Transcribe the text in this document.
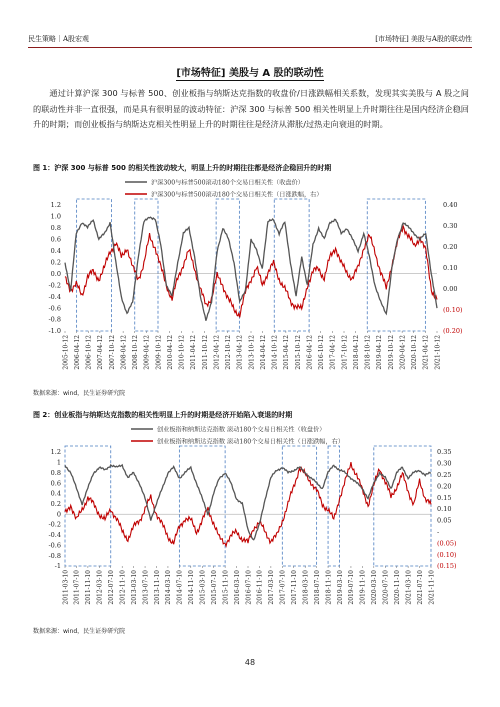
民生策略｜A股宏观	[市场特征] 美股与A股的联动性
[市场特征] 美股与 A 股的联动性
通过计算沪深 300 与标普 500、创业板指与纳斯达克指数的收盘价/日涨跌幅相关系数，发现其实美股与 A 股之间的联动性并非一直很强，而是具有很明显的波动特征：沪深 300 与标普 500 相关性明显上升时期往往是国内经济企稳回升的时期；而创业板指与纳斯达克相关性明显上升的时期往往是经济从滞胀/过热走向衰退的时期。
图 1：沪深 300 与标普 500 的相关性波动较大，明显上升的时期往往都是经济企稳回升的时期
沪深300与标普500滚动180个交易日相关性（收盘价）
沪深300与标普500滚动180个交易日相关性（日涨跌幅，右）
1.2
1.0
0.8
0.6
0.4
0.2
0.0
-0.2
-0.4
-0.6
-0.8
-1.0
0.40
0.30
0.20
0.10
0.00
(0.10)
(0.20)
2005-10-12 2006-04-12 2006-10-12 2007-04-12 2007-10-12 2008-04-12 2008-10-12 2009-04-12 2009-10-12 2010-04-12 2010-10-12 2011-04-12 2011-10-12 2012-04-12 2012-10-12 2013-04-12 2013-10-12 2014-04-12 2014-10-12 2015-04-12 2015-10-12 2016-04-12 2016-10-12 2017-04-12 2017-10-12 2018-04-12 2018-10-12 2019-04-12 2019-10-12 2020-04-12 2020-10-12 2021-04-12 2021-10-12
数据来源：wind，民生证券研究院
图 2：创业板指与纳斯达克指数的相关性明显上升的时期是经济开始陷入衰退的时期
创业板指和纳斯达克指数 滚动180个交易日相关性（收盘价）
创业板指和纳斯达克指数 滚动180个交易日相关性（日涨跌幅，右）
1.2
1
0.8
0.6
0.4
0.2
0
-0.2
-0.4
-0.6
-0.8
-1
0.35
0.30
0.25
0.20
0.15
0.10
0.05
-
(0.05)
(0.10)
(0.15)
2011-03-10 2011-07-10 2011-11-10 2012-03-10 2012-07-10 2012-11-10 2013-03-10 2013-07-10 2013-11-10 2014-03-10 2014-07-10 2014-11-10 2015-03-10 2015-07-10 2015-11-10 2016-03-10 2016-07-10 2016-11-10 2017-03-10 2017-07-10 2017-11-10 2018-03-10 2018-07-10 2018-11-10 2019-03-10 2019-07-10 2019-11-10 2020-03-10 2020-07-10 2020-11-10 2021-03-10 2021-07-10 2021-11-10
数据来源：wind，民生证券研究院
48
